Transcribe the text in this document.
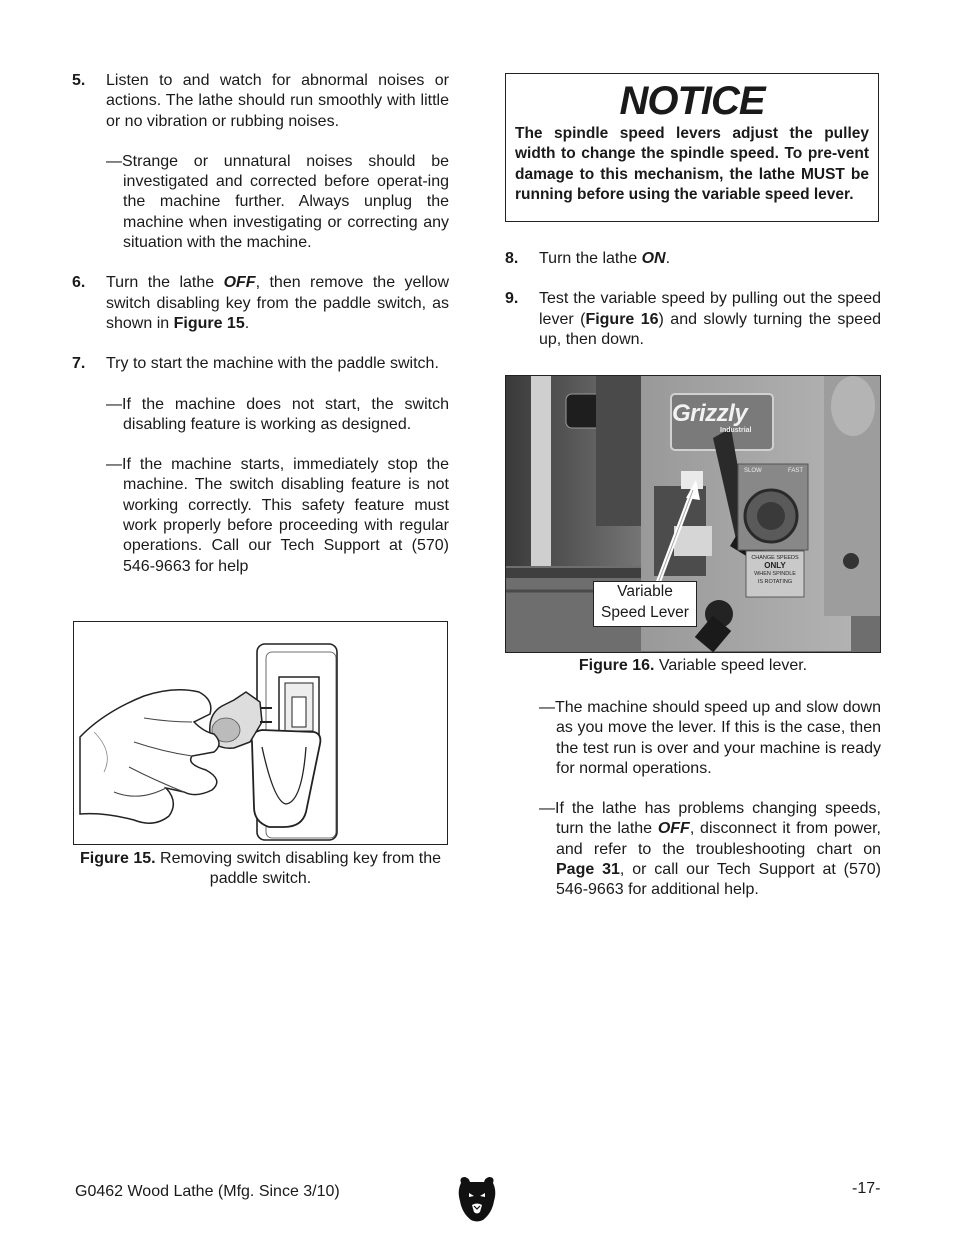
5.	Listen to and watch for abnormal noises or actions. The lathe should run smoothly with little or no vibration or rubbing noises.
—Strange or unnatural noises should be investigated and corrected before operat-ing the machine further. Always unplug the machine when investigating or correcting any situation with the machine.
6.	Turn the lathe OFF, then remove the yellow switch disabling key from the paddle switch, as shown in Figure 15.
7.	Try to start the machine with the paddle switch.
—If the machine does not start, the switch disabling feature is working as designed.
—If the machine starts, immediately stop the machine. The switch disabling feature is not working correctly. This safety feature must work properly before proceeding with regular operations. Call our Tech Support at (570) 546-9663 for help
Figure 15. Removing switch disabling key from the paddle switch.
NOTICE

The spindle speed levers adjust the pulley width to change the spindle speed. To pre-vent damage to this mechanism, the lathe MUST be running before using the variable speed lever.

8.	Turn the lathe ON.
9.	Test the variable speed by pulling out the speed lever (Figure 16) and slowly turning the speed up, then down.
Grizzly
Industrial
SLOW	FAST
CHANGE SPEEDS
ONLY
WHEN SPINDLE
IS ROTATING
Variable
Speed Lever
Figure 16. Variable speed lever.
—The machine should speed up and slow down as you move the lever. If this is the case, then the test run is over and your machine is ready for normal operations.
—If the lathe has problems changing speeds, turn the lathe OFF, disconnect it from power, and refer to the troubleshooting chart on Page 31, or call our Tech Support at (570) 546-9663 for additional help.
G0462 Wood Lathe (Mfg. Since 3/10)	-17-
